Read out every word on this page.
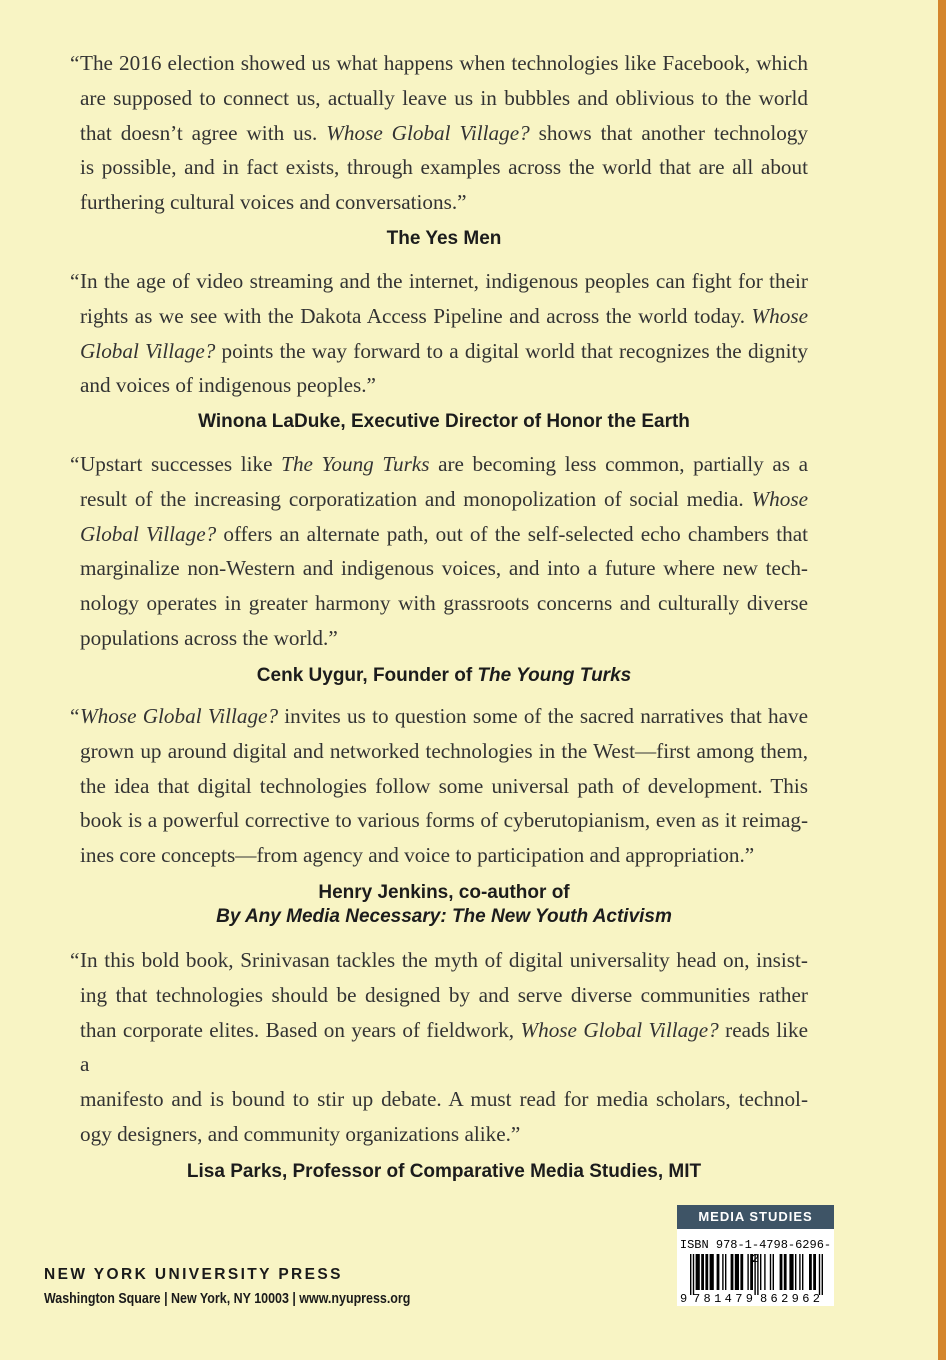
“ The 2016 election showed us what happens when technologies like Facebook, which
are supposed to connect us, actually leave us in bubbles and oblivious to the world
that doesn’t agree with us. Whose Global Village? shows that another technology
is possible, and in fact exists, through examples across the world that are all about
furthering cultural voices and conversations.”

The Yes Men

“ In the age of video streaming and the internet, indigenous peoples can fight for their
rights as we see with the Dakota Access Pipeline and across the world today. Whose
Global Village? points the way forward to a digital world that recognizes the dignity
and voices of indigenous peoples.”

Winona LaDuke, Executive Director of Honor the Earth

“ Upstart successes like The Young Turks are becoming less common, partially as a
result of the increasing corporatization and monopolization of social media. Whose
Global Village? offers an alternate path, out of the self-selected echo chambers that
marginalize non-Western and indigenous voices, and into a future where new tech-
nology operates in greater harmony with grassroots concerns and culturally diverse
populations across the world.”

Cenk Uygur, Founder of The Young Turks

“ Whose Global Village? invites us to question some of the sacred narratives that have
grown up around digital and networked technologies in the West—first among them,
the idea that digital technologies follow some universal path of development. This
book is a powerful corrective to various forms of cyberutopianism, even as it reimag-
ines core concepts—from agency and voice to participation and appropriation.”

Henry Jenkins, co-author of
By Any Media Necessary: The New Youth Activism

“ In this bold book, Srinivasan tackles the myth of digital universality head on, insist-
ing that technologies should be designed by and serve diverse communities rather
than corporate elites. Based on years of fieldwork, Whose Global Village? reads like a
manifesto and is bound to stir up debate. A must read for media scholars, technol-
ogy designers, and community organizations alike.”

Lisa Parks, Professor of Comparative Media Studies, MIT
NEW YORK UNIVERSITY PRESS
Washington Square | New York, NY 10003 | www.nyupress.org
MEDIA STUDIES
ISBN 978-1-4798-6296-
9 781479 862962
